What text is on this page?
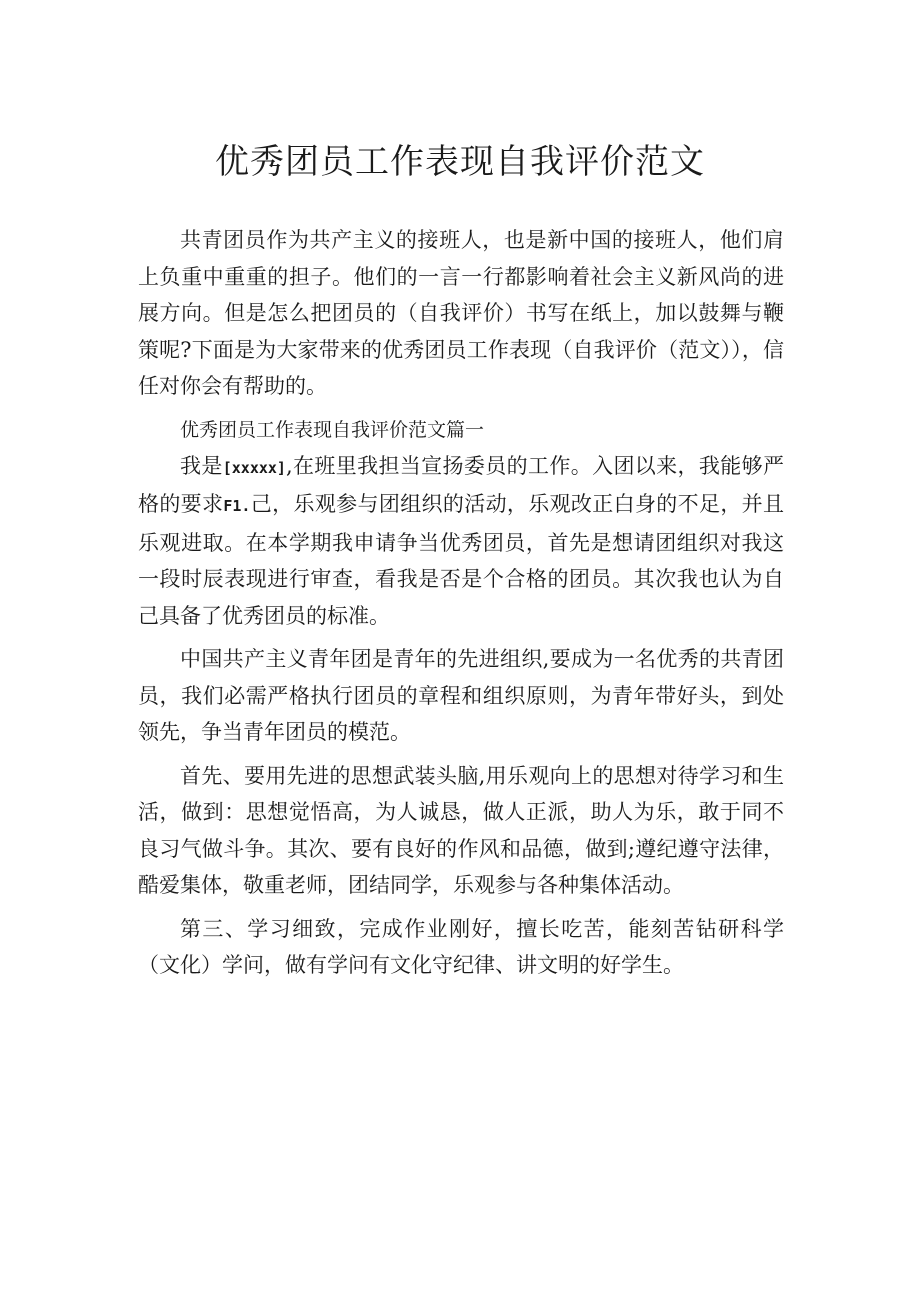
优秀团员工作表现自我评价范文

共青团员作为共产主义的接班人，也是新中国的接班人，他们肩上负重中重重的担子。他们的一言一行都影响着社会主义新风尚的进展方向。但是怎么把团员的（自我评价）书写在纸上，加以鼓舞与鞭策呢?下面是为大家带来的优秀团员工作表现（自我评价（范文）），信任对你会有帮助的。

优秀团员工作表现自我评价范文篇一

我是[xxxxx],在班里我担当宣扬委员的工作。入团以来，我能够严格的要求F1.己，乐观参与团组织的活动，乐观改正白身的不足，并且乐观进取。在本学期我申请争当优秀团员，首先是想请团组织对我这一段时辰表现进行审查，看我是否是个合格的团员。其次我也认为自己具备了优秀团员的标准。

中国共产主义青年团是青年的先进组织,要成为一名优秀的共青团员，我们必需严格执行团员的章程和组织原则，为青年带好头，到处领先，争当青年团员的模范。

首先、要用先进的思想武装头脑,用乐观向上的思想对待学习和生活，做到：思想觉悟高，为人诚恳，做人正派，助人为乐，敢于同不良习气做斗争。其次、要有良好的作风和品德，做到;遵纪遵守法律，酷爱集体，敬重老师，团结同学，乐观参与各种集体活动。

第三、学习细致，完成作业刚好，擅长吃苦，能刻苦钻研科学（文化）学问，做有学问有文化守纪律、讲文明的好学生。
